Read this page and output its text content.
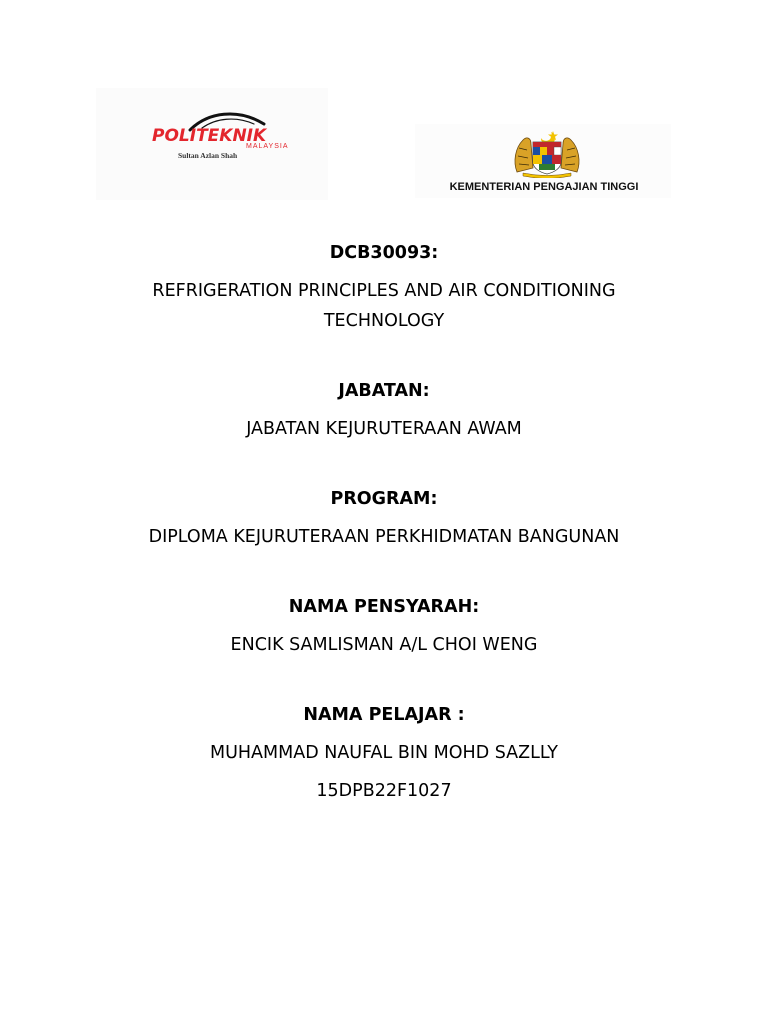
POLITEKNIK
MALAYSIA
Sultan Azlan Shah
KEMENTERIAN PENGAJIAN TINGGI

DCB30093:

REFRIGERATION PRINCIPLES AND AIR CONDITIONING

TECHNOLOGY

JABATAN:

JABATAN KEJURUTERAAN AWAM

PROGRAM:

DIPLOMA KEJURUTERAAN PERKHIDMATAN BANGUNAN

NAMA PENSYARAH:

ENCIK SAMLISMAN A/L CHOI WENG

NAMA PELAJAR :

MUHAMMAD NAUFAL BIN MOHD SAZLLY

15DPB22F1027
